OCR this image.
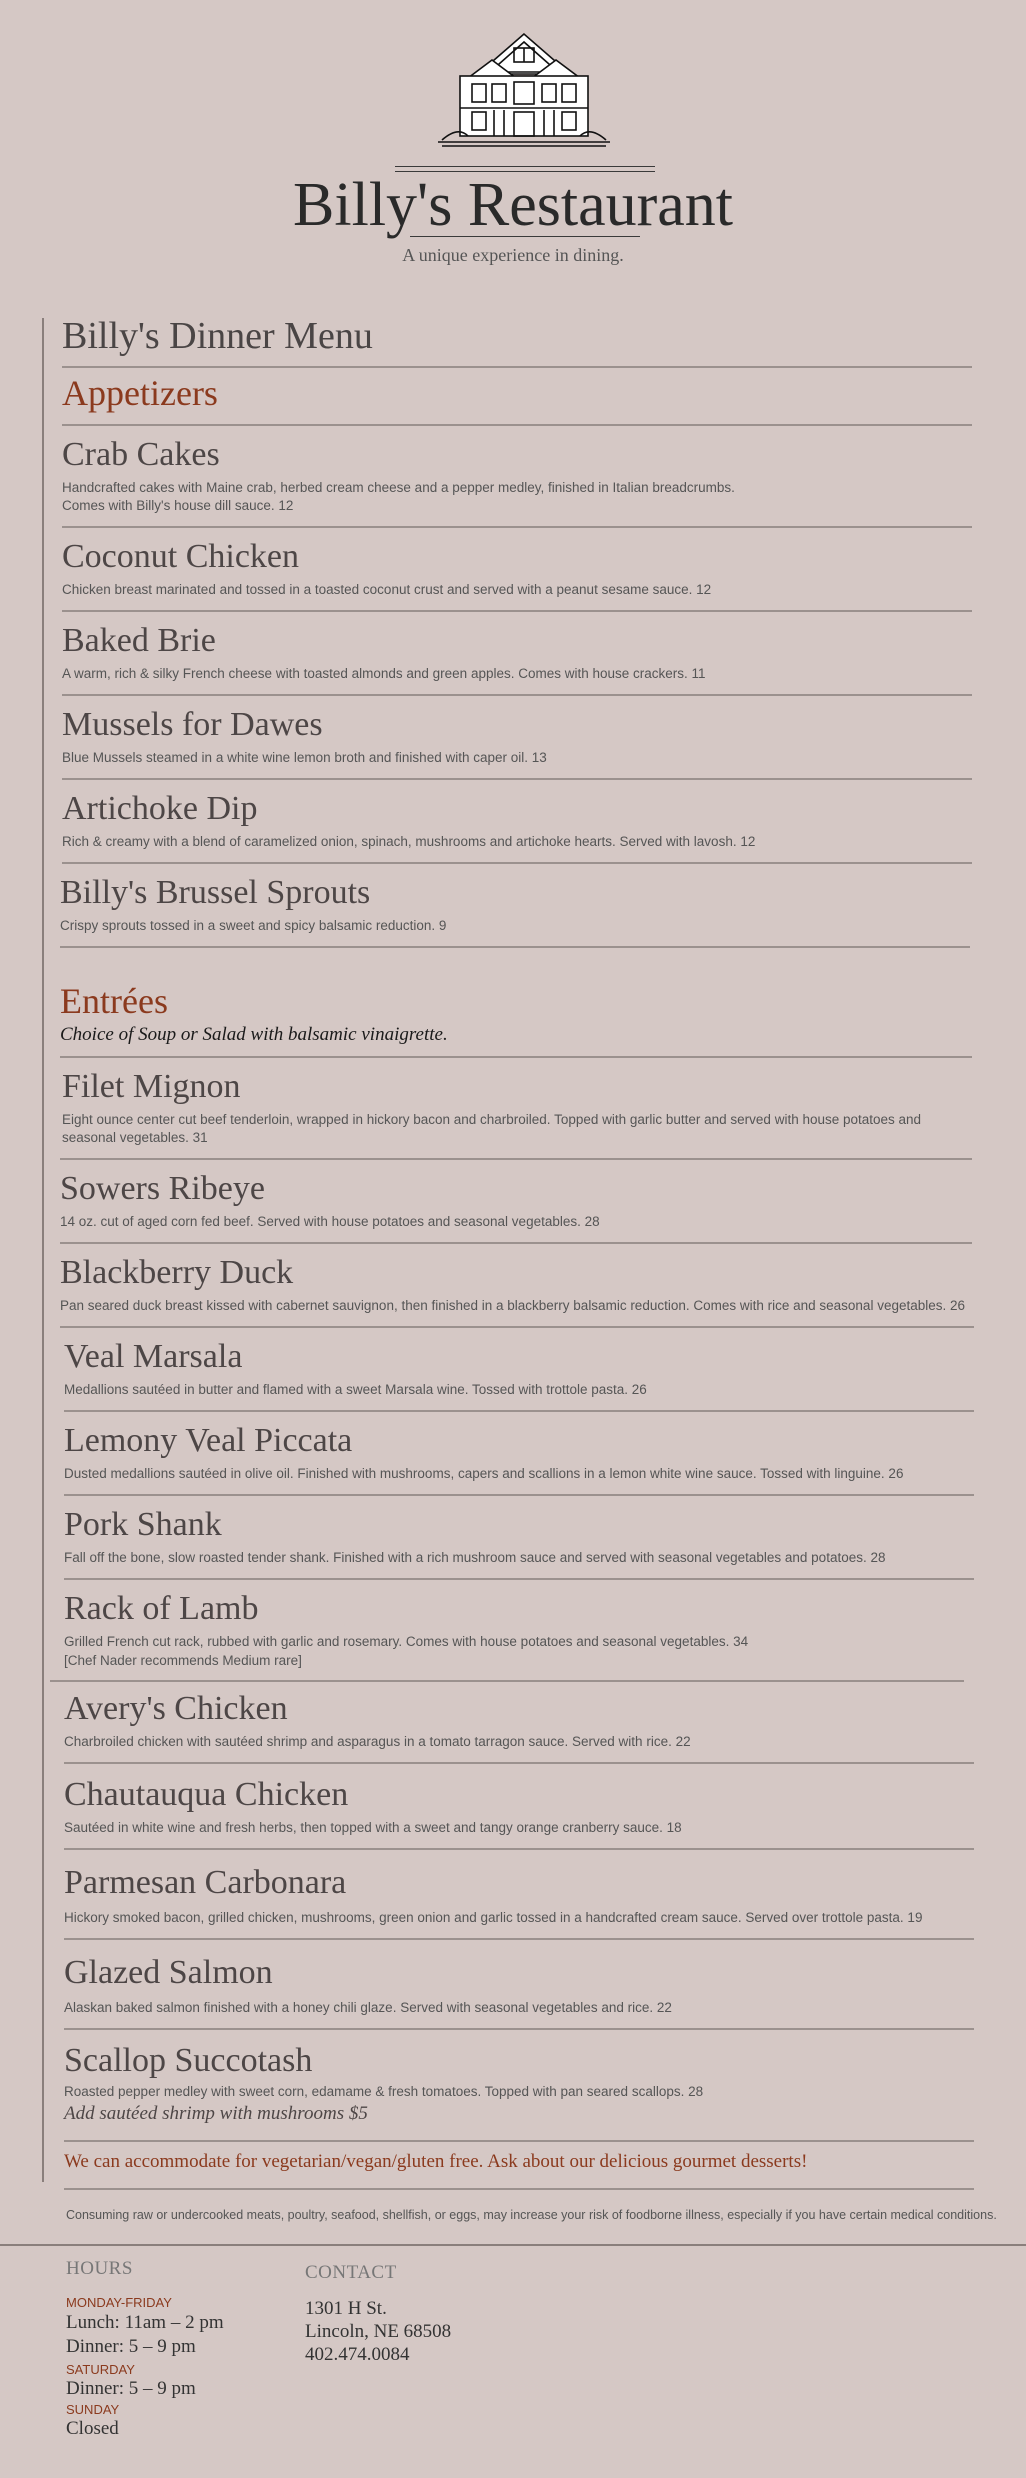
Billy's Restaurant
A unique experience in dining.
Billy's Dinner Menu
Appetizers
Crab Cakes
Handcrafted cakes with Maine crab, herbed cream cheese and a pepper medley, finished in Italian breadcrumbs.
Comes with Billy's house dill sauce. 12
Coconut Chicken
Chicken breast marinated and tossed in a toasted coconut crust and served with a peanut sesame sauce. 12
Baked Brie
A warm, rich & silky French cheese with toasted almonds and green apples. Comes with house crackers. 11
Mussels for Dawes
Blue Mussels steamed in a white wine lemon broth and finished with caper oil. 13
Artichoke Dip
Rich & creamy with a blend of caramelized onion, spinach, mushrooms and artichoke hearts. Served with lavosh. 12
Billy's Brussel Sprouts
Crispy sprouts tossed in a sweet and spicy balsamic reduction. 9
Entrées
Choice of Soup or Salad with balsamic vinaigrette.
Filet Mignon
Eight ounce center cut beef tenderloin, wrapped in hickory bacon and charbroiled. Topped with garlic butter and served with house potatoes and
seasonal vegetables. 31
Sowers Ribeye
14 oz. cut of aged corn fed beef. Served with house potatoes and seasonal vegetables. 28
Blackberry Duck
Pan seared duck breast kissed with cabernet sauvignon, then finished in a blackberry balsamic reduction. Comes with rice and seasonal vegetables. 26
Veal Marsala
Medallions sautéed in butter and flamed with a sweet Marsala wine. Tossed with trottole pasta. 26
Lemony Veal Piccata
Dusted medallions sautéed in olive oil. Finished with mushrooms, capers and scallions in a lemon white wine sauce. Tossed with linguine. 26
Pork Shank
Fall off the bone, slow roasted tender shank. Finished with a rich mushroom sauce and served with seasonal vegetables and potatoes. 28
Rack of Lamb
Grilled French cut rack, rubbed with garlic and rosemary. Comes with house potatoes and seasonal vegetables. 34
[Chef Nader recommends Medium rare]
Avery's Chicken
Charbroiled chicken with sautéed shrimp and asparagus in a tomato tarragon sauce. Served with rice. 22
Chautauqua Chicken
Sautéed in white wine and fresh herbs, then topped with a sweet and tangy orange cranberry sauce. 18
Parmesan Carbonara
Hickory smoked bacon, grilled chicken, mushrooms, green onion and garlic tossed in a handcrafted cream sauce. Served over trottole pasta. 19
Glazed Salmon
Alaskan baked salmon finished with a honey chili glaze. Served with seasonal vegetables and rice. 22
Scallop Succotash
Roasted pepper medley with sweet corn, edamame & fresh tomatoes. Topped with pan seared scallops. 28
Add sautéed shrimp with mushrooms $5
We can accommodate for vegetarian/vegan/gluten free. Ask about our delicious gourmet desserts!
Consuming raw or undercooked meats, poultry, seafood, shellfish, or eggs, may increase your risk of foodborne illness, especially if you have certain medical conditions.
HOURS
MONDAY-FRIDAY
Lunch: 11am – 2 pm
Dinner: 5 – 9 pm
SATURDAY
Dinner: 5 – 9 pm
SUNDAY
Closed
CONTACT
1301 H St.
Lincoln, NE 68508
402.474.0084
